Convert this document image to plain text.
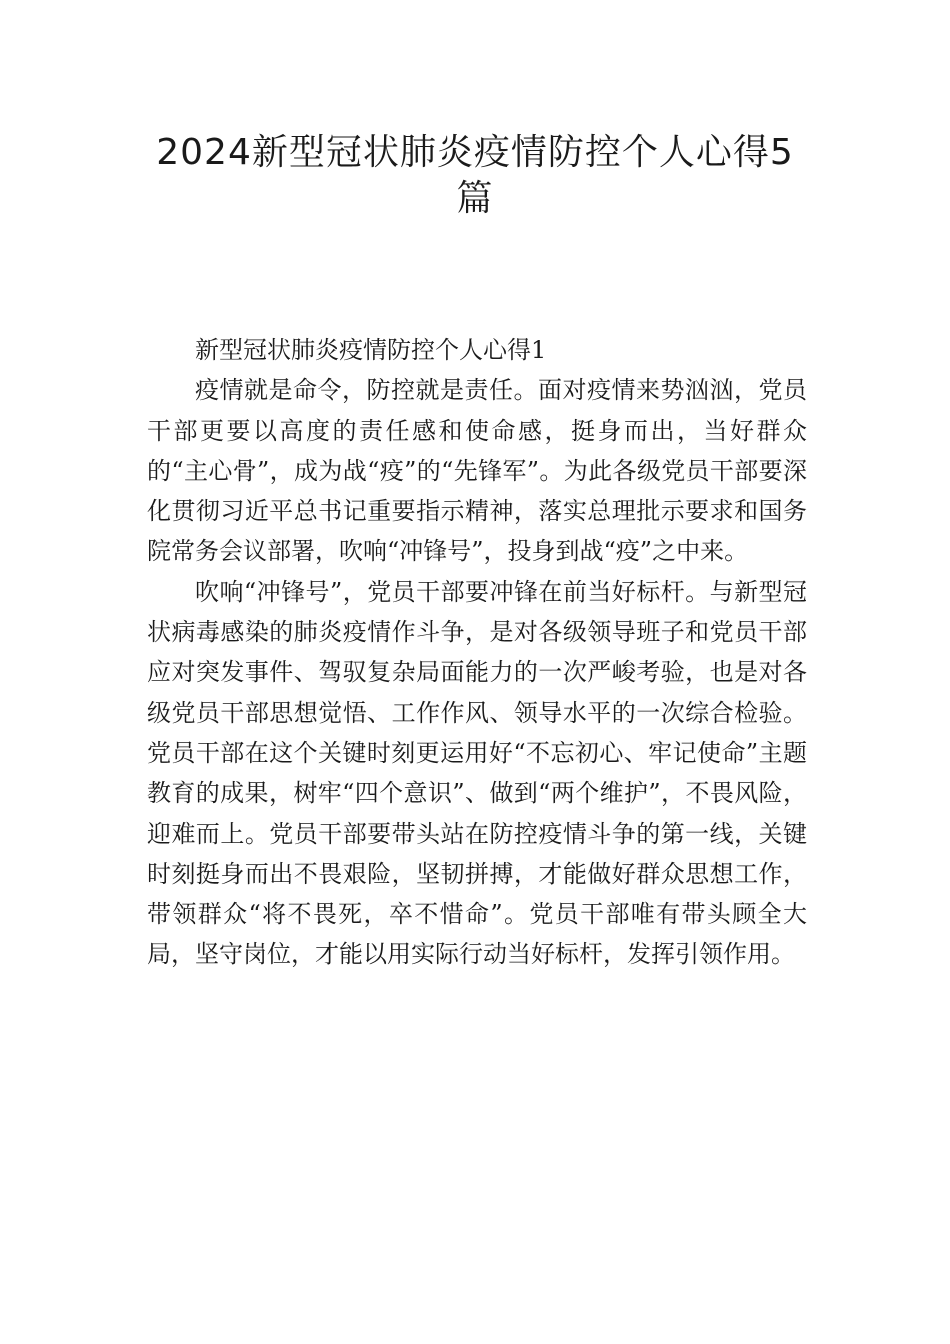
2024新型冠状肺炎疫情防控个人心得5篇

新型冠状肺炎疫情防控个人心得1

疫情就是命令，防控就是责任。面对疫情来势汹汹，党员干部更要以高度的责任感和使命感，挺身而出，当好群众的“主心骨”，成为战“疫”的“先锋军”。为此各级党员干部要深化贯彻习近平总书记重要指示精神，落实总理批示要求和国务院常务会议部署，吹响“冲锋号”，投身到战“疫”之中来。

吹响“冲锋号”，党员干部要冲锋在前当好标杆。与新型冠状病毒感染的肺炎疫情作斗争，是对各级领导班子和党员干部应对突发事件、驾驭复杂局面能力的一次严峻考验，也是对各级党员干部思想觉悟、工作作风、领导水平的一次综合检验。党员干部在这个关键时刻更运用好“不忘初心、牢记使命”主题教育的成果，树牢“四个意识”、做到“两个维护”，不畏风险，迎难而上。党员干部要带头站在防控疫情斗争的第一线，关键时刻挺身而出不畏艰险，坚韧拼搏，才能做好群众思想工作，带领群众“将不畏死，卒不惜命”。党员干部唯有带头顾全大局，坚守岗位，才能以用实际行动当好标杆，发挥引领作用。
